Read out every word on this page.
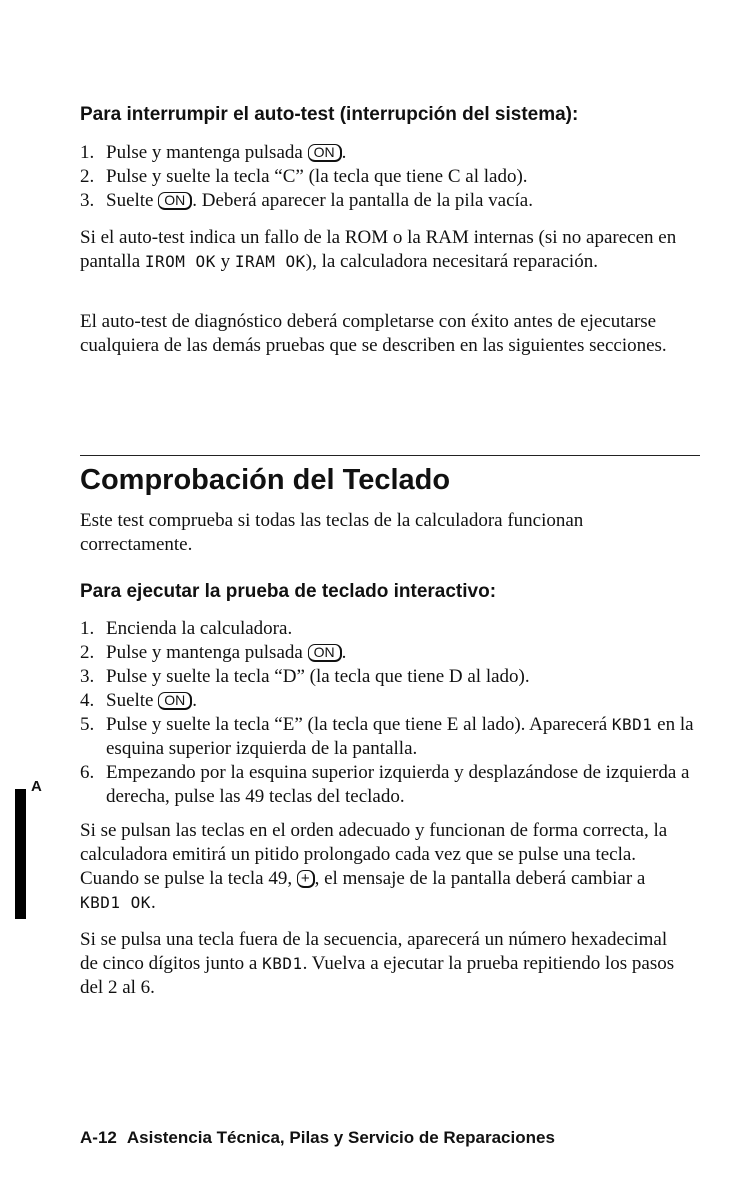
Para interrumpir el auto-test (interrupción del sistema):
1. Pulse y mantenga pulsada ON .
2. Pulse y suelte la tecla “C” (la tecla que tiene C al lado).
3. Suelte ON . Deberá aparecer la pantalla de la pila vacía.

Si el auto-test indica un fallo de la ROM o la RAM internas (si no aparecen en pantalla IROM OK y IRAM OK), la calculadora necesitará reparación.

El auto-test de diagnóstico deberá completarse con éxito antes de ejecutarse cualquiera de las demás pruebas que se describen en las siguientes secciones.

Comprobación del Teclado

Este test comprueba si todas las teclas de la calculadora funcionan correctamente.

Para ejecutar la prueba de teclado interactivo:
1. Encienda la calculadora.
2. Pulse y mantenga pulsada ON .
3. Pulse y suelte la tecla “D” (la tecla que tiene D al lado).
4. Suelte ON .
5. Pulse y suelte la tecla “E” (la tecla que tiene E al lado). Aparecerá KBD1 en la esquina superior izquierda de la pantalla.
6. Empezando por la esquina superior izquierda y desplazándose de izquierda a derecha, pulse las 49 teclas del teclado.

Si se pulsan las teclas en el orden adecuado y funcionan de forma correcta, la calculadora emitirá un pitido prolongado cada vez que se pulse una tecla. Cuando se pulse la tecla 49, + , el mensaje de la pantalla deberá cambiar a KBD1 OK.

Si se pulsa una tecla fuera de la secuencia, aparecerá un número hexadecimal de cinco dígitos junto a KBD1. Vuelva a ejecutar la prueba repitiendo los pasos del 2 al 6.

A
A-12 Asistencia Técnica, Pilas y Servicio de Reparaciones
